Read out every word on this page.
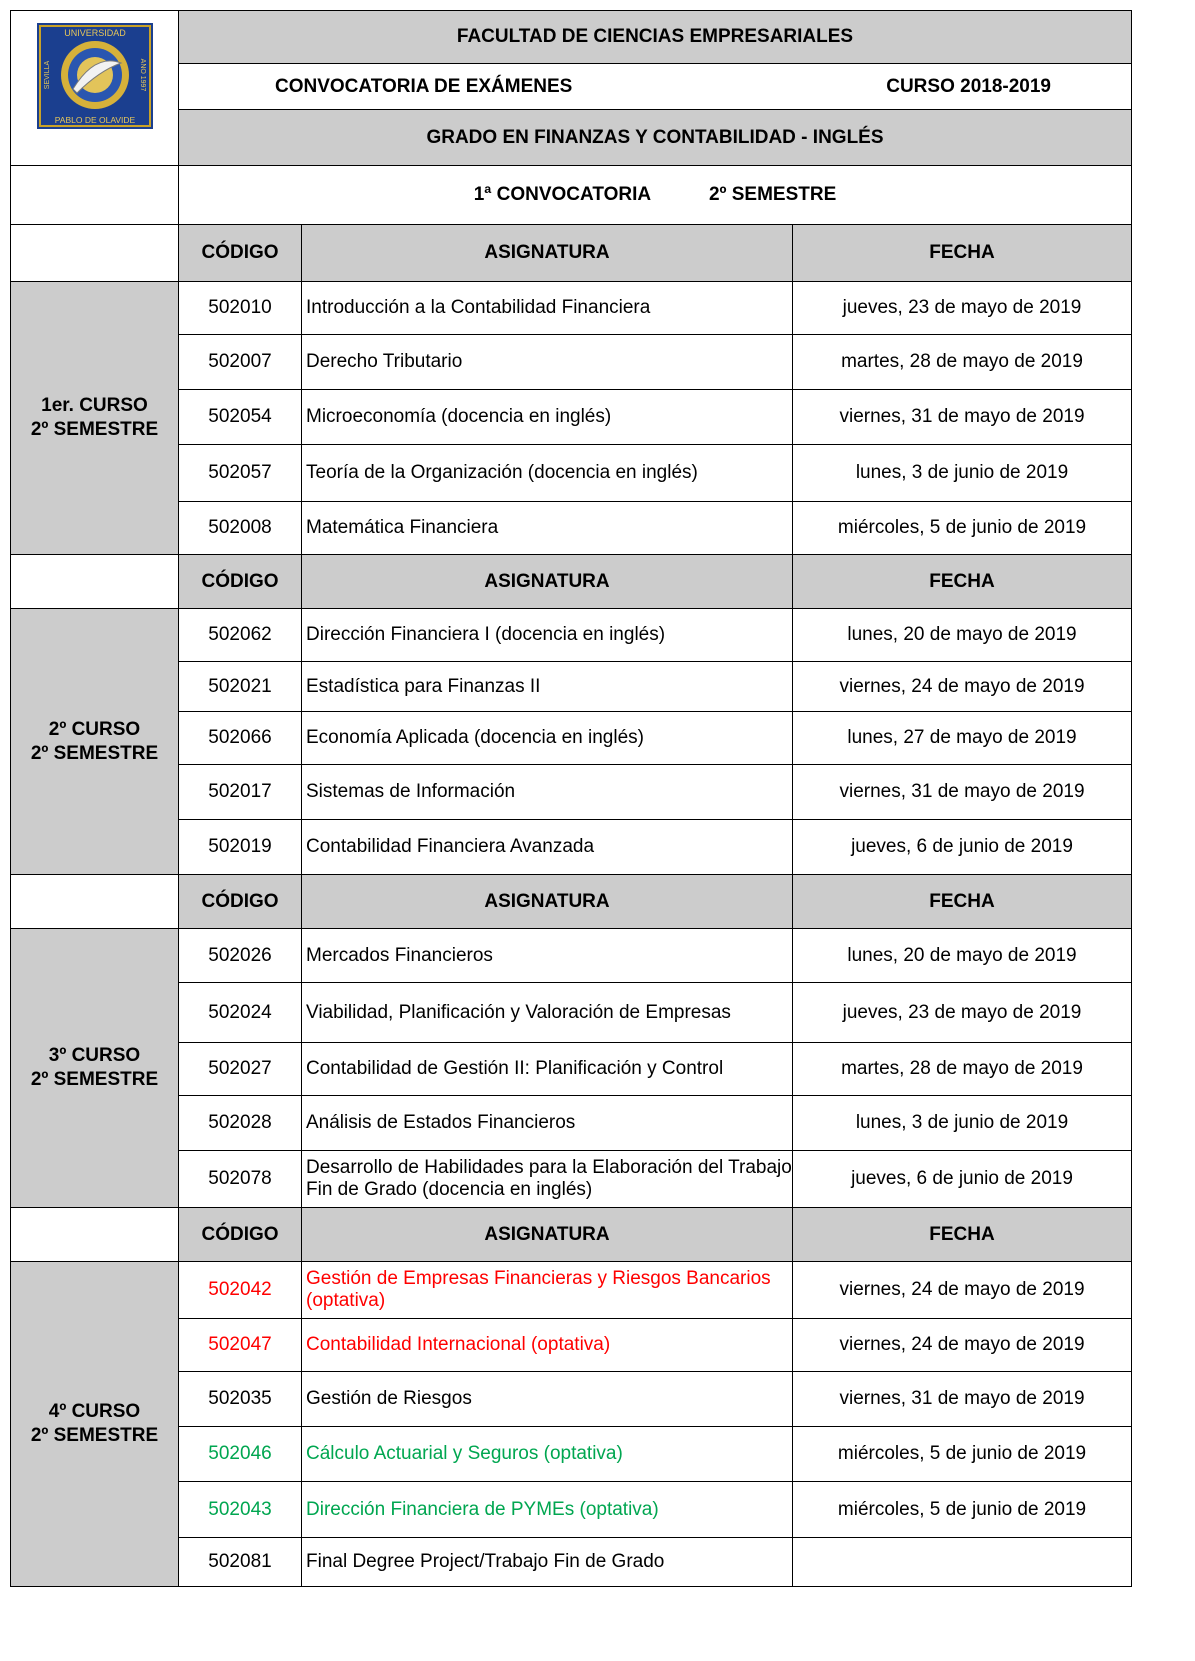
UNIVERSIDAD
PABLO DE OLAVIDE
SEVILLA ANO 1997	FACULTAD DE CIENCIAS EMPRESARIALES		

	CONVOCATORIA DE EXÁMENES CURSO 2018-2019		

	GRADO EN FINANZAS Y CONTABILIDAD - INGLÉS		
	1ª CONVOCATORIA 2º SEMESTRE		
	CÓDIGO	ASIGNATURA	FECHA

1er. CURSO
2º SEMESTRE	502010	Introducción a la Contabilidad Financiera	jueves, 23 de mayo de 2019
	502007	Derecho Tributario	martes, 28 de mayo de 2019
	502054	Microeconomía (docencia en inglés)	viernes, 31 de mayo de 2019
	502057	Teoría de la Organización (docencia en inglés)	lunes, 3 de junio de 2019
	502008	Matemática Financiera	miércoles, 5 de junio de 2019
	CÓDIGO	ASIGNATURA	FECHA

2º CURSO
2º SEMESTRE	502062	Dirección Financiera I (docencia en inglés)	lunes, 20 de mayo de 2019
	502021	Estadística para Finanzas II	viernes, 24 de mayo de 2019
	502066	Economía Aplicada (docencia en inglés)	lunes, 27 de mayo de 2019
	502017	Sistemas de Información	viernes, 31 de mayo de 2019
	502019	Contabilidad Financiera Avanzada	jueves, 6 de junio de 2019
	CÓDIGO	ASIGNATURA	FECHA

3º CURSO
2º SEMESTRE	502026	Mercados Financieros	lunes, 20 de mayo de 2019
	502024	Viabilidad, Planificación y Valoración de Empresas	jueves, 23 de mayo de 2019
	502027	Contabilidad de Gestión II: Planificación y Control	martes, 28 de mayo de 2019
	502028	Análisis de Estados Financieros	lunes, 3 de junio de 2019
	502078	Desarrollo de Habilidades para la Elaboración del Trabajo Fin de Grado (docencia en inglés)	jueves, 6 de junio de 2019
	CÓDIGO	ASIGNATURA	FECHA

4º CURSO
2º SEMESTRE	502042	Gestión de Empresas Financieras y Riesgos Bancarios (optativa)	viernes, 24 de mayo de 2019
	502047	Contabilidad Internacional (optativa)	viernes, 24 de mayo de 2019
	502035	Gestión de Riesgos	viernes, 31 de mayo de 2019
	502046	Cálculo Actuarial y Seguros (optativa)	miércoles, 5 de junio de 2019
	502043	Dirección Financiera de PYMEs (optativa)	miércoles, 5 de junio de 2019
	502081	Final Degree Project/Trabajo Fin de Grado	
